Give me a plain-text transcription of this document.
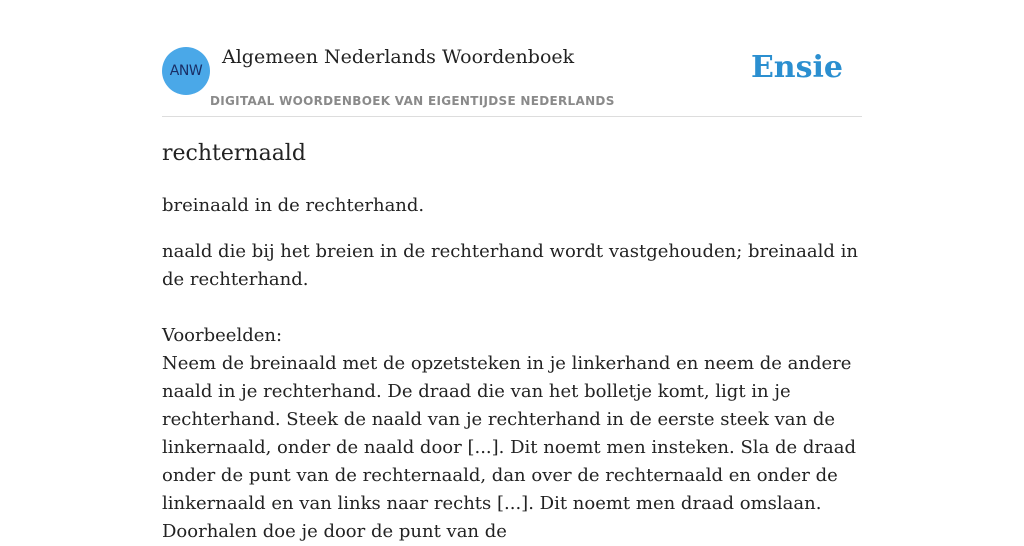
ANW
Algemeen Nederlands Woordenboek
DIGITAAL WOORDENBOEK VAN EIGENTIJDSE NEDERLANDS
Ensie
rechternaald

breinaald in de rechterhand.

naald die bij het breien in de rechterhand wordt vastgehouden; breinaald in de rechterhand.

Voorbeelden:

Neem de breinaald met de opzetsteken in je linkerhand en neem de andere naald in je rechterhand. De draad die van het bolletje komt, ligt in je rechterhand. Steek de naald van je rechterhand in de eerste steek van de linkernaald, onder de naald door [...]. Dit noemt men insteken. Sla de draad onder de punt van de rechternaald, dan over de rechternaald en onder de linkernaald en van links naar rechts [...]. Dit noemt men draad omslaan. Doorhalen doe je door de punt van de
